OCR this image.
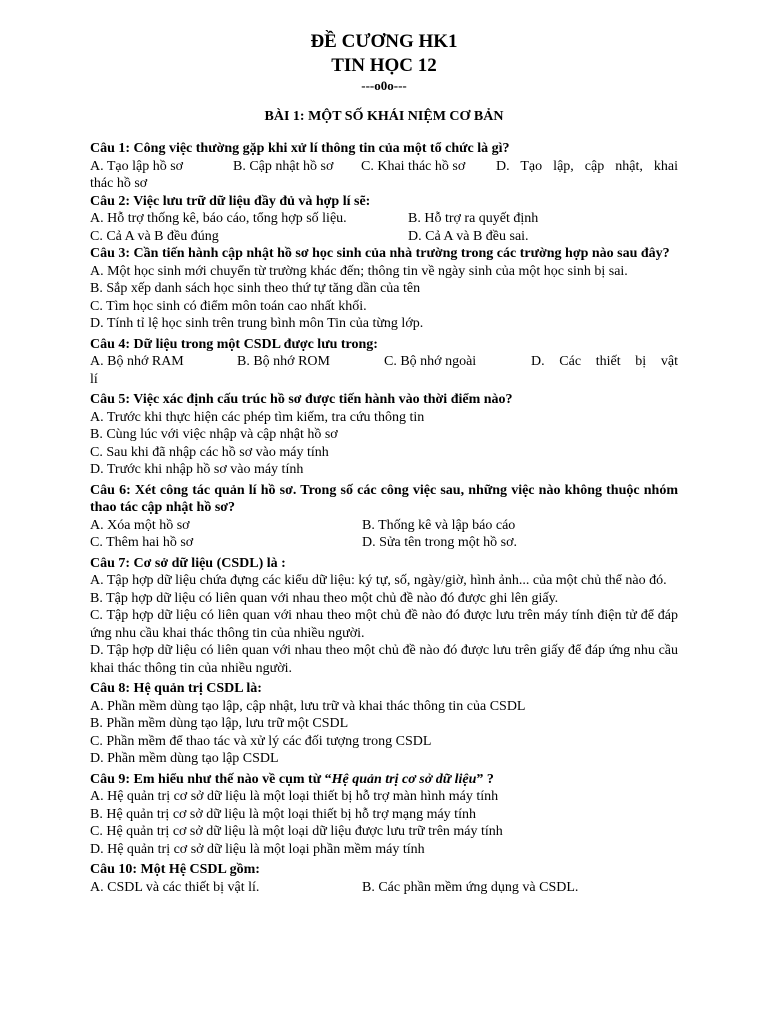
ĐỀ CƯƠNG HK1
TIN HỌC 12
---o0o---
BÀI 1: MỘT SỐ KHÁI NIỆM CƠ BẢN
Câu 1: Công việc thường gặp khi xử lí thông tin của một tổ chức là gì?
A. Tạo lập hồ sơ	B. Cập nhật hồ sơ	C. Khai thác hồ sơ	D. Tạo lập, cập nhật, khai
thác hồ sơ
Câu 2: Việc lưu trữ dữ liệu đầy đủ và hợp lí sẽ:
A. Hỗ trợ thống kê, báo cáo, tổng hợp số liệu.	B. Hỗ trợ ra quyết định
C. Cả A và B đều đúng	D. Cả A và B đều sai.
Câu 3: Cần tiến hành cập nhật hồ sơ học sinh của nhà trường trong các trường hợp nào sau đây?
A. Một học sinh mới chuyển từ trường khác đến; thông tin về ngày sinh của một học sinh bị sai.
B. Sắp xếp danh sách học sinh theo thứ tự tăng dần của tên
C. Tìm học sinh có điểm môn toán cao nhất khối.
D. Tính tỉ lệ học sinh trên trung bình môn Tin của từng lớp.
Câu 4: Dữ liệu trong một CSDL được lưu trong:
A. Bộ nhớ RAM	B. Bộ nhớ ROM	C. Bộ nhớ ngoài	D. Các thiết bị vật
lí
Câu 5: Việc xác định cấu trúc hồ sơ được tiến hành vào thời điểm nào?
A. Trước khi thực hiện các phép tìm kiếm, tra cứu thông tin
B. Cùng lúc với việc nhập và cập nhật hồ sơ
C. Sau khi đã nhập các hồ sơ vào máy tính
D. Trước khi nhập hồ sơ vào máy tính
Câu 6: Xét công tác quản lí hồ sơ. Trong số các công việc sau, những việc nào không thuộc nhóm thao tác cập nhật hồ sơ?
A. Xóa một hồ sơ	B. Thống kê và lập báo cáo
C. Thêm hai hồ sơ	D. Sửa tên trong một hồ sơ.
Câu 7: Cơ sở dữ liệu (CSDL) là :
A. Tập hợp dữ liệu chứa đựng các kiểu dữ liệu: ký tự, số, ngày/giờ, hình ảnh... của một chủ thể nào đó.
B. Tập hợp dữ liệu có liên quan với nhau theo một chủ đề nào đó được ghi lên giấy.
C. Tập hợp dữ liệu có liên quan với nhau theo một chủ đề nào đó được lưu trên máy tính điện tử để đáp ứng nhu cầu khai thác thông tin của nhiều người.
D. Tập hợp dữ liệu có liên quan với nhau theo một chủ đề nào đó được lưu trên giấy để đáp ứng nhu cầu khai thác thông tin của nhiều người.
Câu 8: Hệ quản trị CSDL là:
A. Phần mềm dùng tạo lập, cập nhật, lưu trữ và khai thác thông tin của CSDL
B. Phần mềm dùng tạo lập, lưu trữ một CSDL
C. Phần mềm để thao tác và xử lý các đối tượng trong CSDL
D. Phần mềm dùng tạo lập CSDL
Câu 9: Em hiểu như thế nào về cụm từ “Hệ quản trị cơ sở dữ liệu” ?
A. Hệ quản trị cơ sở dữ liệu là một loại thiết bị hỗ trợ màn hình máy tính
B. Hệ quản trị cơ sở dữ liệu là một loại thiết bị hỗ trợ mạng máy tính
C. Hệ quản trị cơ sở dữ liệu là một loại dữ liệu được lưu trữ trên máy tính
D. Hệ quản trị cơ sở dữ liệu là một loại phần mềm máy tính
Câu 10: Một Hệ CSDL gồm:
A. CSDL và các thiết bị vật lí.	B. Các phần mềm ứng dụng và CSDL.
